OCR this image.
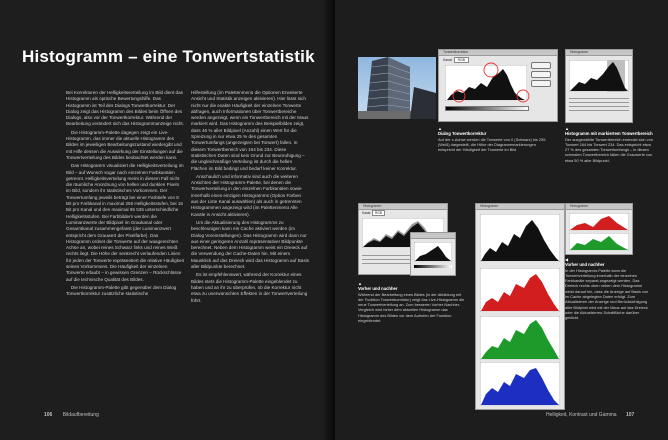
Histogramm – eine Tonwertstatistik

Bei Korrekturen der Helligkeitsverteilung im Bild dient das Histogramm als optische Bewertungshilfe. Das Histogramm ist Teil des Dialogs Tonwertkorrektur. Der Dialog zeigt das Histogramm des Bildes beim Öffnen des Dialogs, also vor der Tonwertkorrektur. Während der Bearbeitung verändert sich das Histogrammanzeige nicht.

Die Histogramm-Palette dagegen zeigt ein Live-Histogramm, das immer die aktuelle Histogramm des Bildes im jeweiligen Bearbeitungszustand wiedergibt und mit Hilfe dessen die Auswirkung der Einstellungen auf die Tonwertverteilung des Bildes beobachtet werden kann.

Das Histogramm visualisiert die Helligkeitsverteilung im Bild – auf Wunsch sogar nach einzelnen Farbkanälen getrennt. Helligkeitsverteilung meint in diesem Fall nicht die räumliche Anordnung von hellen und dunklen Pixeln im Bild, sondern ihr statistisches Vorkommen. Der Tonwertumfang jeweils beträgt bei einer Farbtiefe von 8 Bit pro Farbkanal in maximal 256 Helligkeitsstufen, bei 16 Bit pro Kanal und den maximal 65 536 unterschiedliche Helligkeitsstufen. Bei Farbbildern werden die Luminanzwerte der Bildpixel im Graukanal oder Gesamtkanal zusammengefasst (der Luminanzwert entspricht dem Grauwert der Pixelfarbe). Das Histogramm ordnet die Tonwerte auf der waagerechten Achse an, wobei reines Schwarz links und reines Weiß rechts liegt. Die Höhe der senkrecht verlaufenden Linien für jeden der Tonwerte repräsentiert die relative Häufigkeit seines Vorkommens. Die Häufigkeit der einzelnen Tonwerte erlaubt – in gewissen Grenzen – Rückschlüsse auf die technische Qualität des Bildes.

Die Histogramm-Palette gibt gegenüber dem Dialog Tonwertkorrektur zusätzliche statistische

Hilfestellung (im Palettenmenü die Optionen Erweiterte Ansicht und Statistik anzeigen aktivieren). Hier lässt sich nicht nur die exakte Häufigkeit der einzelnen Tonwerte abfragen, auch Informationen über Tonwertbereiche werden angezeigt, wenn ein Tonwertbereich mit der Maus markiert wird. Das Histogramm des Beispielbildes zeigt, dass 46 % aller Bildpixel (Anzahl) einen Wert für die Spreizung in nur etwa 25 % des gesamten Tonwertumfangs (angezeigten bei Tonwert) fallen. In diesem Tonwertbereich von 164 bis 234. Diese statistischen Daten sind kein Grund zur Beunruhigung – die ungleichmäßige Verteilung ist durch die hellen Flächen im Bild bedingt und bedarf keiner Korrektur.

Anschaulich und informativ sind auch die weiteren Ansichten der Histogramm-Palette, bei denen die Tonwertverteilung in den einzelnen Farbkanälen sowie innerhalb eines einzigen Histogramms (Option Farben aus der Liste Kanal auswählen) als auch in getrennten Histogrammen angezeigt wird (im Palettenmenü Alle Kanäle in Ansicht aktivieren).

Um die Aktualisierung des Histogramms zu beschleunigen kann ein Cache aktiviert werden (im Dialog Voreinstellungen). Das Histogramm wird dann nur aus einer geringeren Anzahl repräsentativer Bildpunkte berechnet. Neben dem Histogramm weist ein Dreieck auf die Verwendung der Cache-Daten hin. Mit einem Mausklick auf das Dreieck wird das Histogramm auf Basis aller Bildpunkte berechnet.

Es ist empfehlenswert, während der Korrektur eines Bildes stets die Histogramm-Palette eingeblendet zu haben und an ihr zu überprüfen, ob die Korrektur nicht etwa zu unerwünschten Effekten in der Tonwertverteilung führt.

106 Bildaufbereitung
Tonwertkorrektur
Kanal: RGB
Histogramm
▲
Dialog Tonwertkorrektur
Auf der x-Achse werden die Tonwerte von 0 (Schwarz) bis 255 (Weiß) dargestellt, die Höhe der Diagrammmarkierungen entspricht der Häufigkeit der Tonwerte im Bild.
▲
Histogramm mit markiertem Tonwertbereich
Der ausgewählte Tonwertbereich erstreckt sich von Tonwert 164 bis Tonwert 234. Das entspricht etwa 27 % des gesamten Tonwertumfangs – in diesen schmalen Tonwertbereich fallen die Grauwerte von etwa 50 % aller Bildpunkt.
Histogramm
Kanal: RGB
Histogramm	Histogramm
▲
Vorher und nachher
Während der Bearbeitung eines Bildes (in der Abbildung mit der Funktion Tonwertkorrektur) zeigt das Live-Histogramm die neue Tonwertverteilung an. Zum besseren Vorher-Nachher-Vergleich wird hinter dem aktuellen Histogramm das Histogramm des Bildes vor dem Aufrufen der Funktion eingeblendet.
◀
Vorher und nachher
In der Histogramm-Palette kann die Tonwertverteilung innerhalb der einzelnen Farbkanäle separat angezeigt werden. Das Dreieck rechts oben neben dem Histogramm weist darauf hin, dass die Anzeige auf Basis von im Cache abgelegten Daten erfolgt. Zum Aktualisieren der Anzeige und Berücksichtigung aller Bildpixel wird mit der Maus auf das Dreieck oder die Aktualisieren-Schaltfläche darüber geklickt.
Helligkeit, Kontrast und Gamma 107
